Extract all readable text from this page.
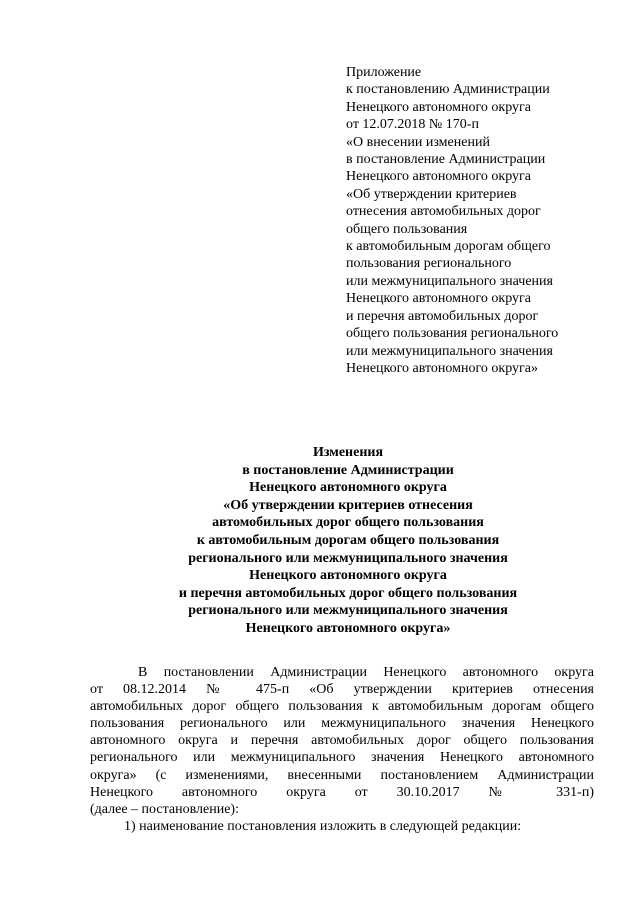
Приложение
к постановлению Администрации
Ненецкого автономного округа
от 12.07.2018 № 170-п
«О внесении изменений
в постановление Администрации
Ненецкого автономного округа
«Об утверждении критериев
отнесения автомобильных дорог
общего пользования
к автомобильным дорогам общего
пользования регионального
или межмуниципального значения
Ненецкого автономного округа
и перечня автомобильных дорог
общего пользования регионального
или межмуниципального значения
Ненецкого автономного округа»
Изменения
в постановление Администрации
Ненецкого автономного округа
«Об утверждении критериев отнесения
автомобильных дорог общего пользования
к автомобильным дорогам общего пользования
регионального или межмуниципального значения
Ненецкого автономного округа
и перечня автомобильных дорог общего пользования
регионального или межмуниципального значения
Ненецкого автономного округа»
В постановлении Администрации Ненецкого автономного округа
от 08.12.2014 № 475-п «Об утверждении критериев отнесения
автомобильных дорог общего пользования к автомобильным дорогам общего
пользования регионального или межмуниципального значения Ненецкого
автономного округа и перечня автомобильных дорог общего пользования
регионального или межмуниципального значения Ненецкого автономного
округа» (с изменениями, внесенными постановлением Администрации
Ненецкого автономного округа от 30.10.2017 № 331-п)
(далее – постановление):
1) наименование постановления изложить в следующей редакции:
